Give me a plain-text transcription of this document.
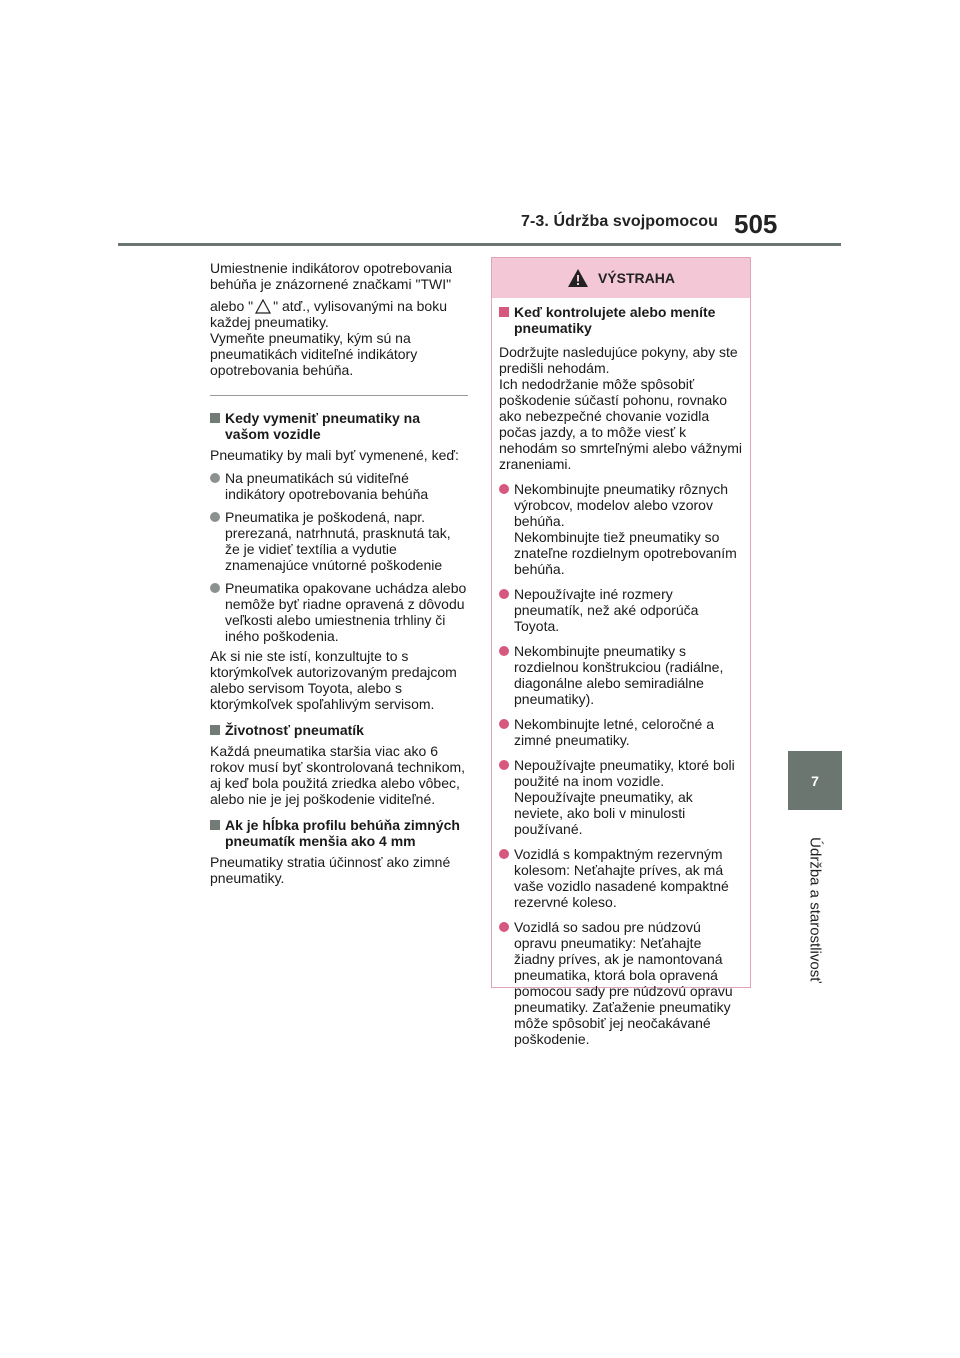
7-3. Údržba svojpomocou 505
7
Údržba a starostlivosť

Umiestnenie indikátorov opotrebovania behúňa je znázornené značkami "TWI"

alebo " " atď., vylisovanými na boku každej pneumatiky.

Vymeňte pneumatiky, kým sú na pneumatikách viditeľné indikátory opotrebovania behúňa.

Kedy vymeniť pneumatiky na vašom vozidle

Pneumatiky by mali byť vymenené, keď:

Na pneumatikách sú viditeľné indikátory opotrebovania behúňa
Pneumatika je poškodená, napr. prerezaná, natrhnutá, prasknutá tak, že je vidieť textília a vydutie znamenajúce vnútorné poškodenie
Pneumatika opakovane uchádza alebo nemôže byť riadne opravená z dôvodu veľkosti alebo umiestnenia trhliny či iného poškodenia.

Ak si nie ste istí, konzultujte to s ktorýmkoľvek autorizovaným predajcom alebo servisom Toyota, alebo s ktorýmkoľvek spoľahlivým servisom.

Životnosť pneumatík

Každá pneumatika staršia viac ako 6 rokov musí byť skontrolovaná technikom, aj keď bola použitá zriedka alebo vôbec, alebo nie je jej poškodenie viditeľné.

Ak je hĺbka profilu behúňa zimných pneumatík menšia ako 4 mm

Pneumatiky stratia účinnosť ako zimné pneumatiky.

VÝSTRAHA
Keď kontrolujete alebo meníte pneumatiky

Dodržujte nasledujúce pokyny, aby ste predišli nehodám.

Ich nedodržanie môže spôsobiť poškodenie súčastí pohonu, rovnako ako nebezpečné chovanie vozidla počas jazdy, a to môže viesť k nehodám so smrteľnými alebo vážnymi zraneniami.

Nekombinujte pneumatiky rôznych výrobcov, modelov alebo vzorov behúňa.
Nekombinujte tiež pneumatiky so znateľne rozdielnym opotrebovaním behúňa.
Nepoužívajte iné rozmery pneumatík, než aké odporúča Toyota.
Nekombinujte pneumatiky s rozdielnou konštrukciou (radiálne, diagonálne alebo semiradiálne pneumatiky).
Nekombinujte letné, celoročné a zimné pneumatiky.
Nepoužívajte pneumatiky, ktoré boli použité na inom vozidle.
Nepoužívajte pneumatiky, ak neviete, ako boli v minulosti používané.
Vozidlá s kompaktným rezervným kolesom: Neťahajte príves, ak má vaše vozidlo nasadené kompaktné rezervné koleso.
Vozidlá so sadou pre núdzovú opravu pneumatiky: Neťahajte žiadny príves, ak je namontovaná pneumatika, ktorá bola opravená pomocou sady pre núdzovú opravu pneumatiky. Zaťaženie pneumatiky môže spôsobiť jej neočakávané poškodenie.
